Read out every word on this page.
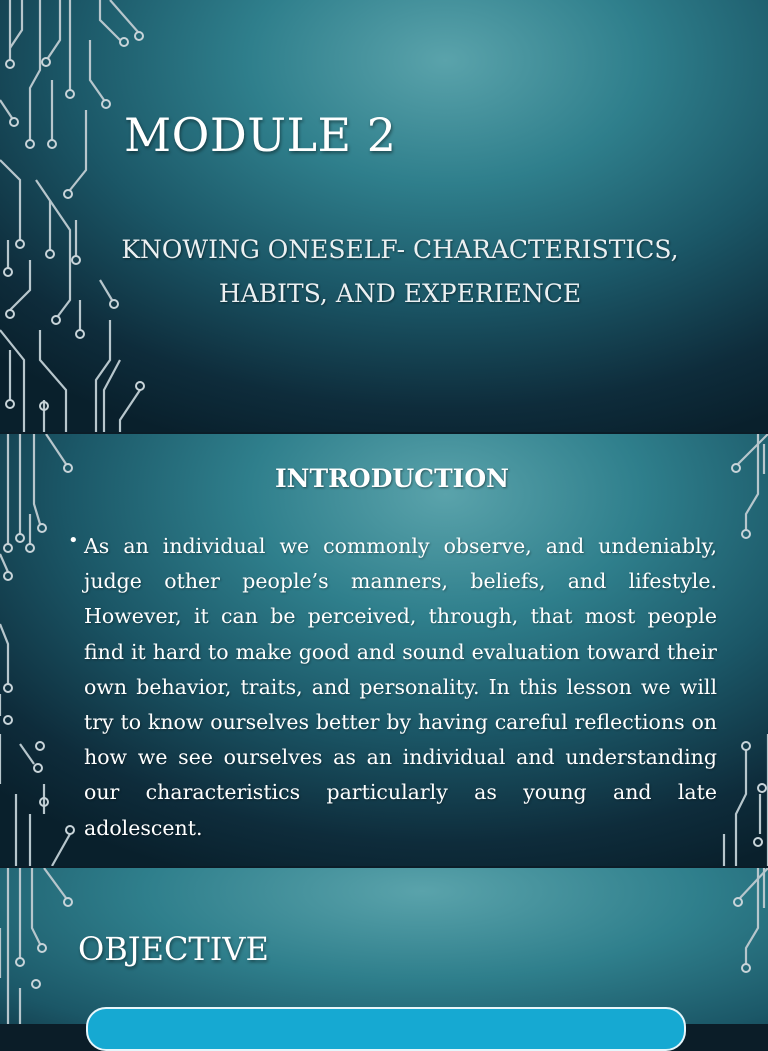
MODULE 2

KNOWING ONESELF- CHARACTERISTICS, HABITS, AND EXPERIENCE

INTRODUCTION
• As an individual we commonly observe, and undeniably, judge other people’s manners, beliefs, and lifestyle. However, it can be perceived, through, that most people find it hard to make good and sound evaluation toward their own behavior, traits, and personality. In this lesson we will try to know ourselves better by having careful reflections on how we see ourselves as an individual and understanding our characteristics particularly as young and late adolescent.

OBJECTIVE
